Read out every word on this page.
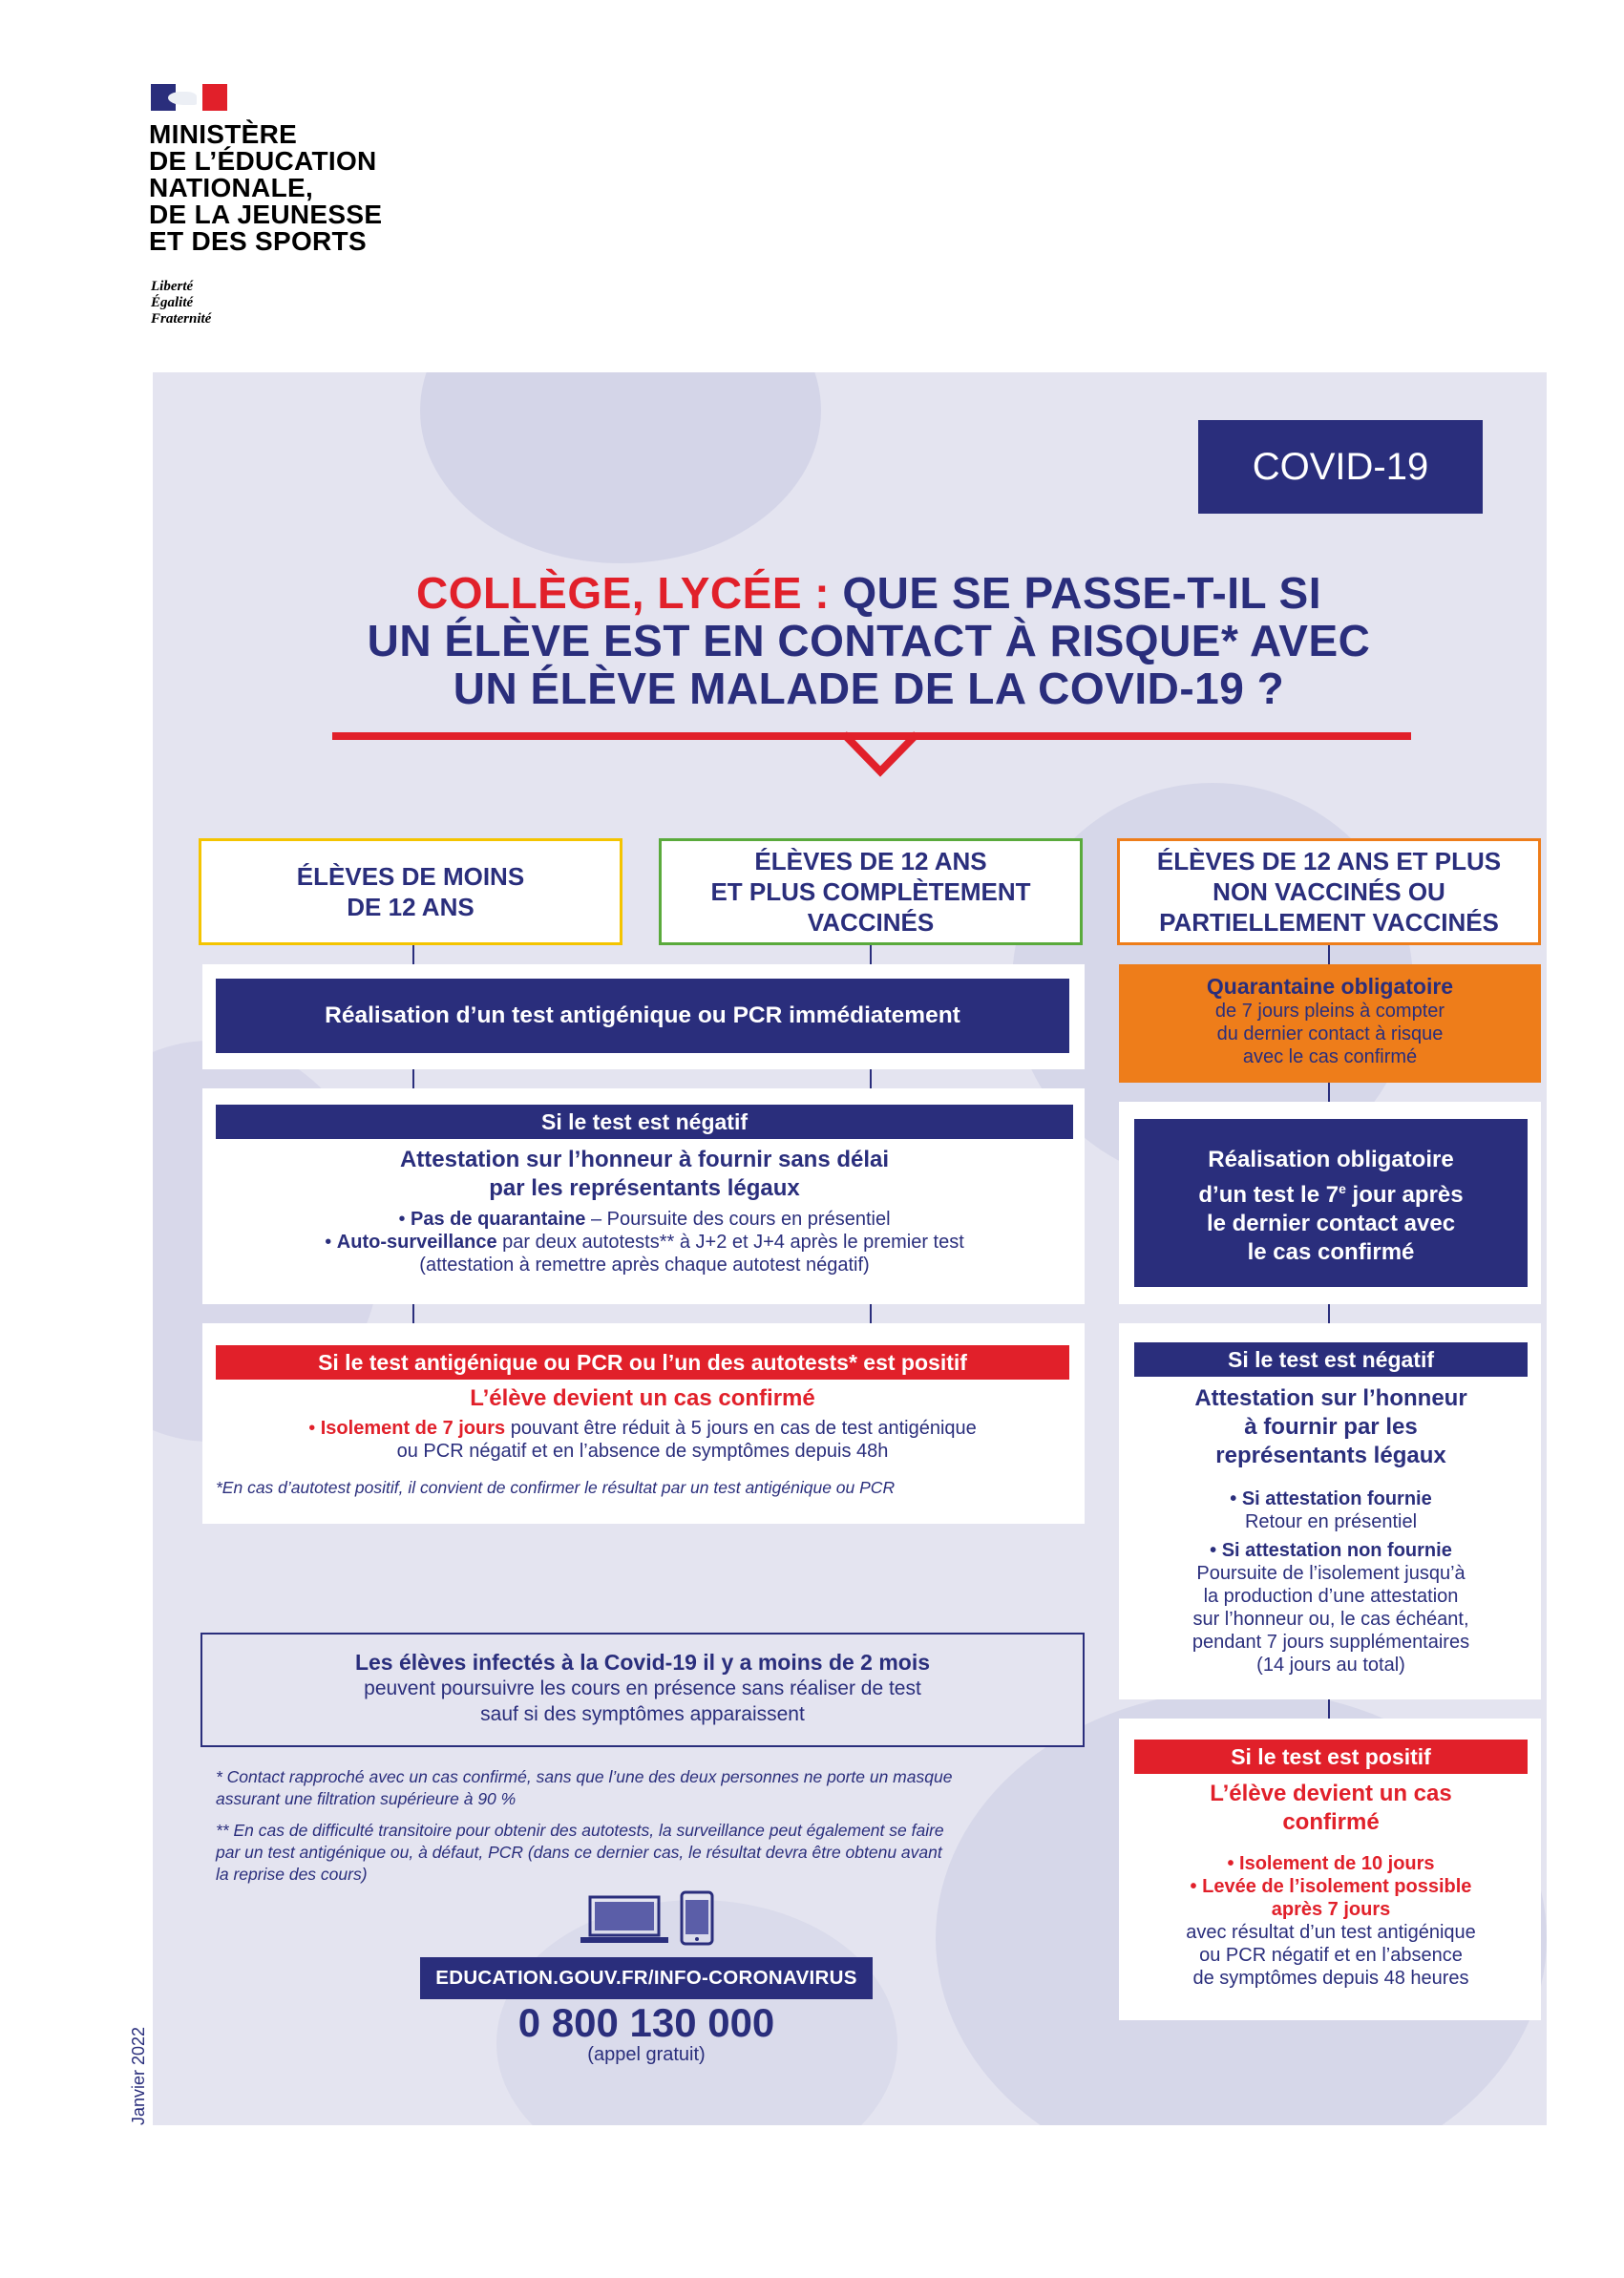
MINISTÈRE
DE L’ÉDUCATION
NATIONALE,
DE LA JEUNESSE
ET DES SPORTS
Liberté
Égalité
Fraternité
COVID-19
COLLÈGE, LYCÉE : QUE SE PASSE-T-IL SI
UN ÉLÈVE EST EN CONTACT À RISQUE* AVEC
UN ÉLÈVE MALADE DE LA COVID-19 ?
ÉLÈVES DE MOINS
DE 12 ANS
ÉLÈVES DE 12 ANS
ET PLUS COMPLÈTEMENT
VACCINÉS
ÉLÈVES DE 12 ANS ET PLUS
NON VACCINÉS OU
PARTIELLEMENT VACCINÉS
Réalisation d’un test antigénique ou PCR immédiatement
Si le test est négatif
Attestation sur l’honneur à fournir sans délai
par les représentants légaux
• Pas de quarantaine – Poursuite des cours en présentiel
• Auto-surveillance par deux autotests** à J+2 et J+4 après le premier test
(attestation à remettre après chaque autotest négatif)
Si le test antigénique ou PCR ou l’un des autotests* est positif
L’élève devient un cas confirmé
• Isolement de 7 jours pouvant être réduit à 5 jours en cas de test antigénique
ou PCR négatif et en l’absence de symptômes depuis 48h
*En cas d’autotest positif, il convient de confirmer le résultat par un test antigénique ou PCR
Les élèves infectés à la Covid-19 il y a moins de 2 mois
peuvent poursuivre les cours en présence sans réaliser de test
sauf si des symptômes apparaissent
* Contact rapproché avec un cas confirmé, sans que l’une des deux personnes ne porte un masque
assurant une filtration supérieure à 90 %
** En cas de difficulté transitoire pour obtenir des autotests, la surveillance peut également se faire
par un test antigénique ou, à défaut, PCR (dans ce dernier cas, le résultat devra être obtenu avant
la reprise des cours)
EDUCATION.GOUV.FR/INFO-CORONAVIRUS
0 800 130 000
(appel gratuit)
Quarantaine obligatoire
de 7 jours pleins à compter
du dernier contact à risque
avec le cas confirmé
Réalisation obligatoire
d’un test le 7e jour après
le dernier contact avec
le cas confirmé
Si le test est négatif
Attestation sur l’honneur
à fournir par les
représentants légaux
• Si attestation fournie
Retour en présentiel
• Si attestation non fournie
Poursuite de l’isolement jusqu’à
la production d’une attestation
sur l’honneur ou, le cas échéant,
pendant 7 jours supplémentaires
(14 jours au total)
Si le test est positif
L’élève devient un cas
confirmé
• Isolement de 10 jours
• Levée de l’isolement possible
après 7 jours
avec résultat d’un test antigénique
ou PCR négatif et en l’absence
de symptômes depuis 48 heures
Janvier 2022
